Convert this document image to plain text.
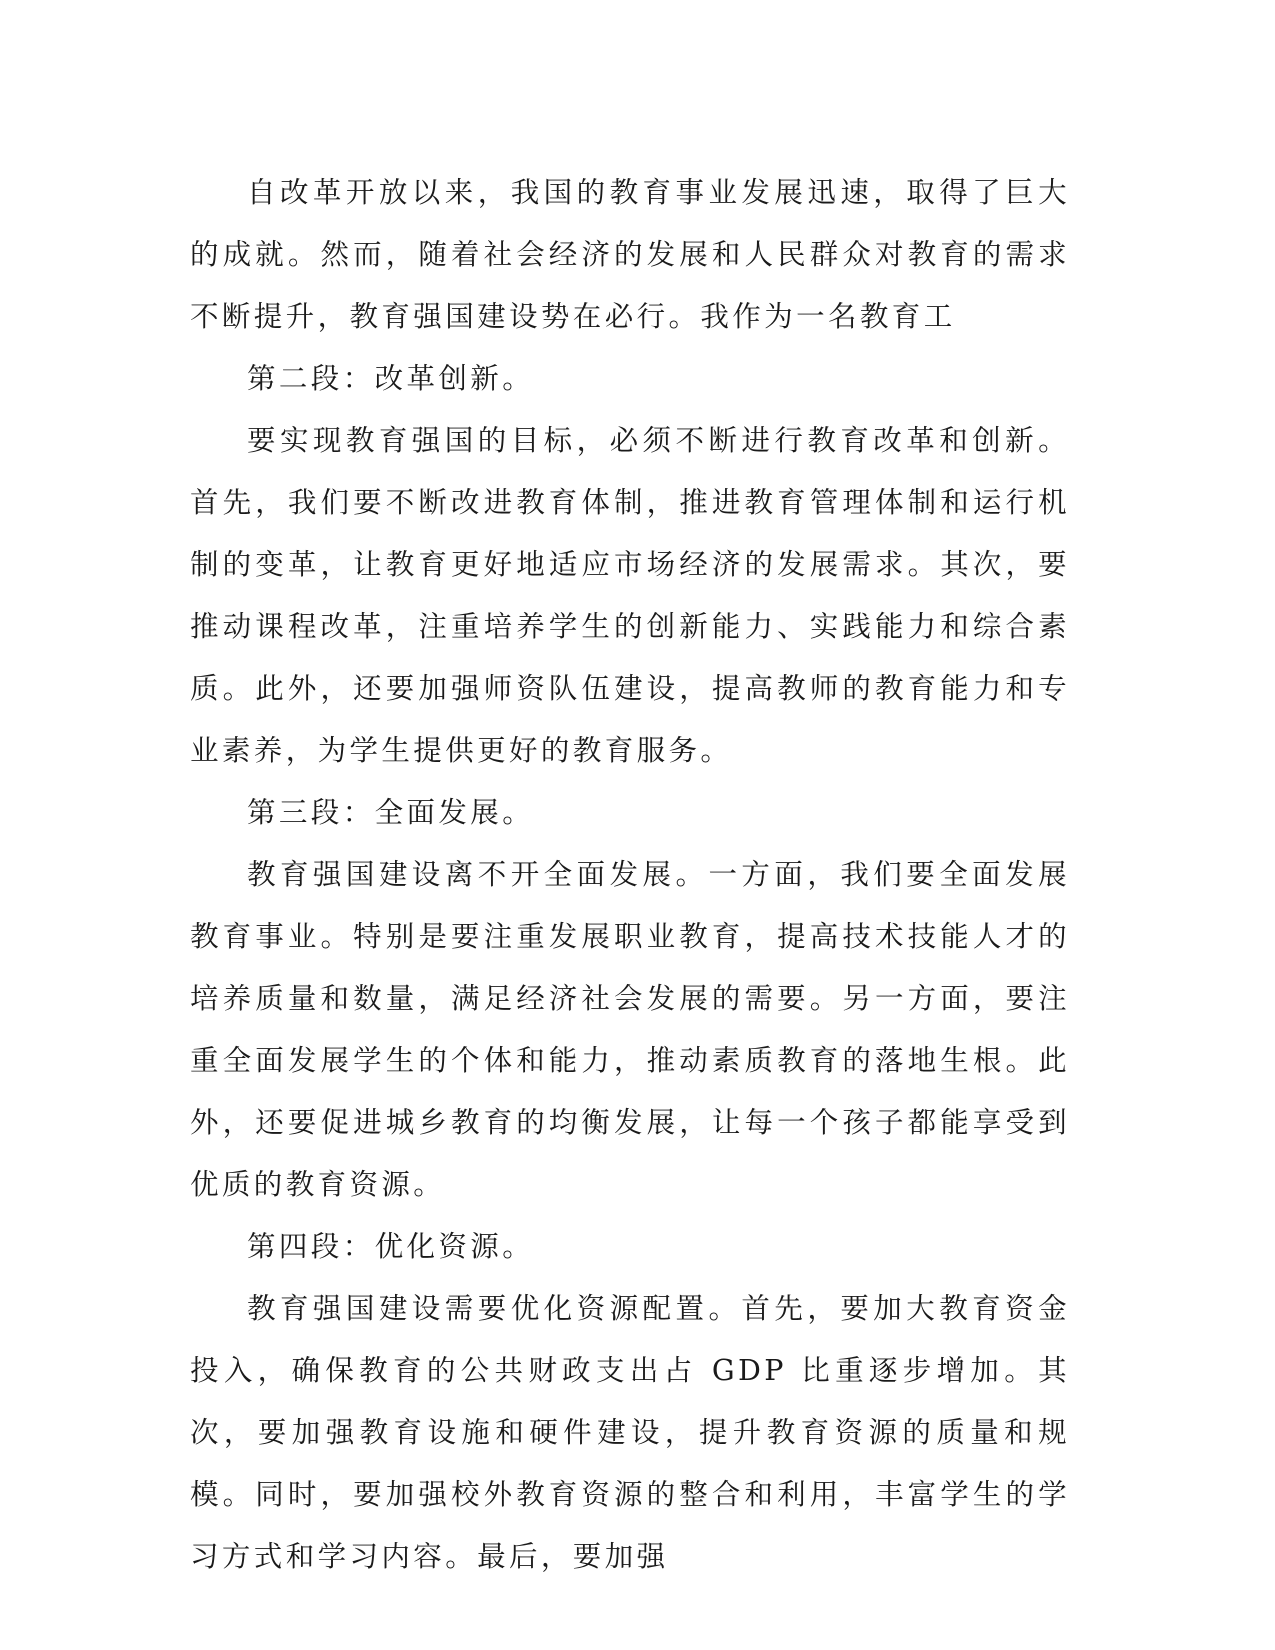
自改革开放以来，我国的教育事业发展迅速，取得了巨大的成就。然而，随着社会经济的发展和人民群众对教育的需求不断提升，教育强国建设势在必行。我作为一名教育工

第二段：改革创新。

要实现教育强国的目标，必须不断进行教育改革和创新。首先，我们要不断改进教育体制，推进教育管理体制和运行机制的变革，让教育更好地适应市场经济的发展需求。其次，要推动课程改革，注重培养学生的创新能力、实践能力和综合素质。此外，还要加强师资队伍建设，提高教师的教育能力和专业素养，为学生提供更好的教育服务。

第三段：全面发展。

教育强国建设离不开全面发展。一方面，我们要全面发展教育事业。特别是要注重发展职业教育，提高技术技能人才的培养质量和数量，满足经济社会发展的需要。另一方面，要注重全面发展学生的个体和能力，推动素质教育的落地生根。此外，还要促进城乡教育的均衡发展，让每一个孩子都能享受到优质的教育资源。

第四段：优化资源。

教育强国建设需要优化资源配置。首先，要加大教育资金投入，确保教育的公共财政支出占 GDP 比重逐步增加。其次，要加强教育设施和硬件建设，提升教育资源的质量和规模。同时，要加强校外教育资源的整合和利用，丰富学生的学习方式和学习内容。最后，要加强
